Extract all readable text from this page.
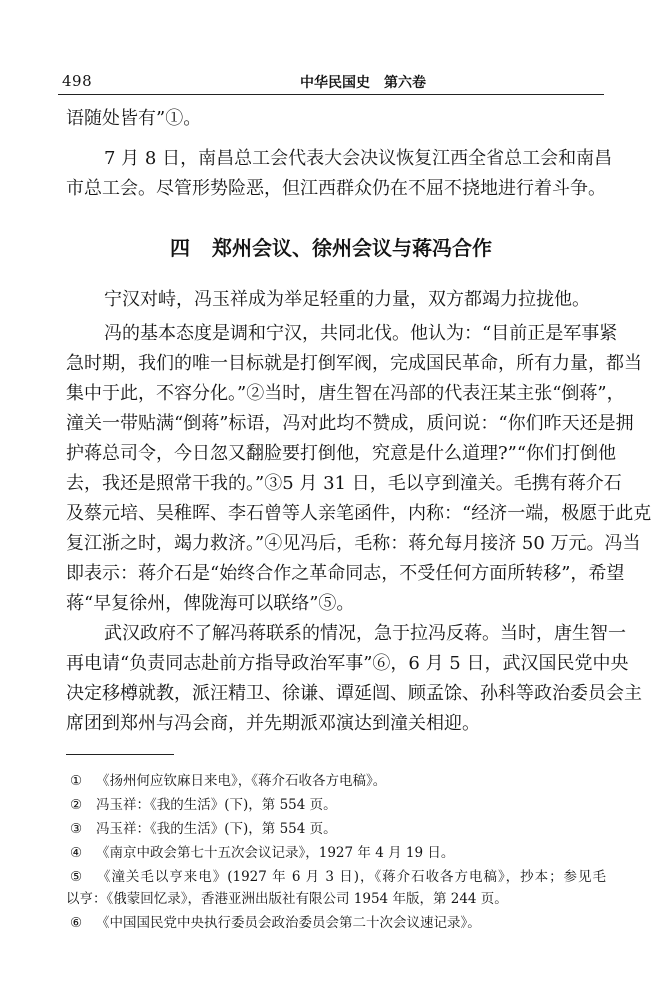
498	中华民国史　第六卷
语随处皆有”①。
7 月 8 日，南昌总工会代表大会决议恢复江西全省总工会和南昌
市总工会。尽管形势险恶，但江西群众仍在不屈不挠地进行着斗争。
四 郑州会议、徐州会议与蒋冯合作
宁汉对峙，冯玉祥成为举足轻重的力量，双方都竭力拉拢他。
冯的基本态度是调和宁汉，共同北伐。他认为：“目前正是军事紧
急时期，我们的唯一目标就是打倒军阀，完成国民革命，所有力量，都当
集中于此，不容分化。”②当时，唐生智在冯部的代表汪某主张“倒蒋”，
潼关一带贴满“倒蒋”标语，冯对此均不赞成，质问说：“你们昨天还是拥
护蒋总司令，今日忽又翻脸要打倒他，究意是什么道理?”“你们打倒他
去，我还是照常干我的。”③5 月 31 日，毛以亨到潼关。毛携有蒋介石
及蔡元培、吴稚晖、李石曾等人亲笔函件，内称：“经济一端，极愿于此克
复江浙之时，竭力救济。”④见冯后，毛称：蒋允每月接济 50 万元。冯当
即表示：蒋介石是“始终合作之革命同志，不受任何方面所转移”，希望
蒋“早复徐州，俾陇海可以联络”⑤。
武汉政府不了解冯蒋联系的情况，急于拉冯反蒋。当时，唐生智一
再电请“负责同志赴前方指导政治军事”⑥，6 月 5 日，武汉国民党中央
决定移樽就教，派汪精卫、徐谦、谭延闿、顾孟馀、孙科等政治委员会主
席团到郑州与冯会商，并先期派邓演达到潼关相迎。
① 《扬州何应钦麻日来电》，《蒋介石收各方电稿》。
② 冯玉祥：《我的生活》(下)，第 554 页。
③ 冯玉祥：《我的生活》(下)，第 554 页。
④ 《南京中政会第七十五次会议记录》，1927 年 4 月 19 日。
⑤ 《潼关毛以亨来电》(1927 年 6 月 3 日)，《蒋介石收各方电稿》，抄本；参见毛
以亨：《俄蒙回忆录》，香港亚洲出版社有限公司 1954 年版，第 244 页。
⑥ 《中国国民党中央执行委员会政治委员会第二十次会议速记录》。
